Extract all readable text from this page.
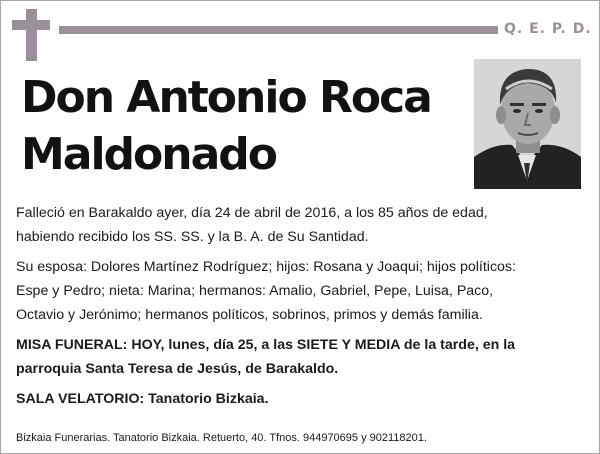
Q. E. P. D.
Don Antonio Roca
Maldonado

Falleció en Barakaldo ayer, día 24 de abril de 2016, a los 85 años de edad,
habiendo recibido los SS. SS. y la B. A. de Su Santidad.

Su esposa: Dolores Martínez Rodríguez; hijos: Rosana y Joaqui; hijos políticos:
Espe y Pedro; nieta: Marina; hermanos: Amalio, Gabriel, Pepe, Luisa, Paco,
Octavio y Jerónimo; hermanos políticos, sobrinos, primos y demás familia.

MISA FUNERAL: HOY, lunes, día 25, a las SIETE Y MEDIA de la tarde, en la
parroquia Santa Teresa de Jesús, de Barakaldo.

SALA VELATORIO: Tanatorio Bizkaia.

Bizkaia Funerarias. Tanatorio Bizkaia. Retuerto, 40. Tfnos. 944970695 y 902118201.
